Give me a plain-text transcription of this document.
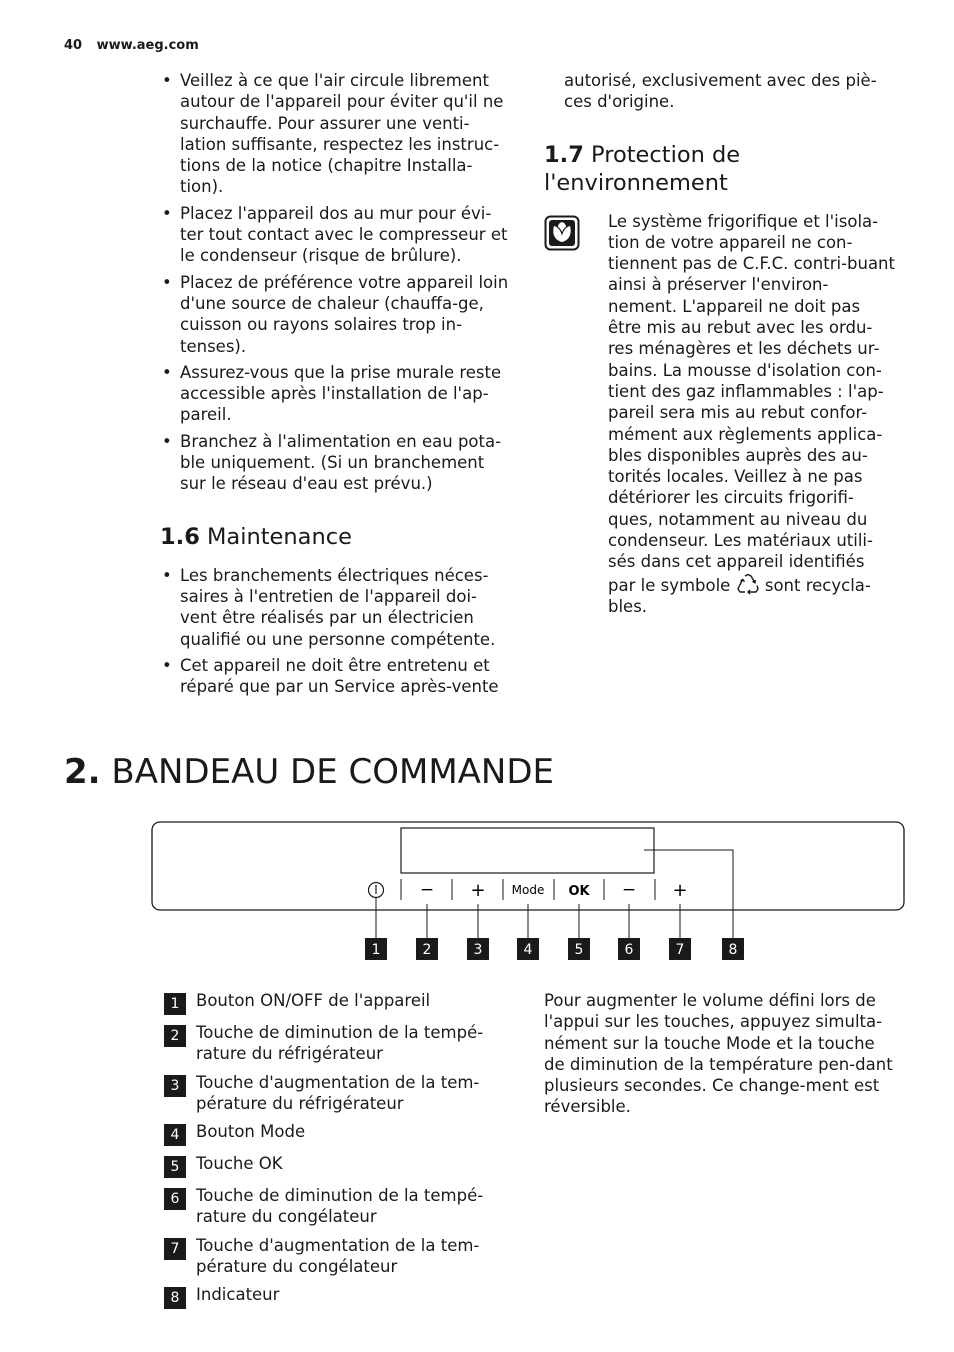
40 www.aeg.com
• Veillez à ce que l'air circule librement autour de l'appareil pour éviter qu'il ne surchauffe. Pour assurer une venti-lation suffisante, respectez les instruc-tions de la notice (chapitre Installa-tion).
• Placez l'appareil dos au mur pour évi-ter tout contact avec le compresseur et le condenseur (risque de brûlure).
• Placez de préférence votre appareil loin d'une source de chaleur (chauffa-ge, cuisson ou rayons solaires trop in-tenses).
• Assurez-vous que la prise murale reste accessible après l'installation de l'ap-pareil.
• Branchez à l'alimentation en eau pota-ble uniquement. (Si un branchement sur le réseau d'eau est prévu.)
1.6 Maintenance
• Les branchements électriques néces-saires à l'entretien de l'appareil doi-vent être réalisés par un électricien qualifié ou une personne compétente.
• Cet appareil ne doit être entretenu et réparé que par un Service après-vente

autorisé, exclusivement avec des piè-ces d'origine.

1.7 Protection de l'environnement

Le système frigorifique et l'isola-tion de votre appareil ne con-tiennent pas de C.F.C. contri-buant ainsi à préserver l'environ-nement. L'appareil ne doit pas être mis au rebut avec les ordu-res ménagères et les déchets ur-bains. La mousse d'isolation con-tient des gaz inflammables : l'ap-pareil sera mis au rebut confor-mément aux règlements applica-bles disponibles auprès des au-torités locales. Veillez à ne pas détériorer les circuits frigorifi-ques, notamment au niveau du condenseur. Les matériaux utili-sés dans cet appareil identifiés par le symbole sont recycla-bles.

2. BANDEAU DE COMMANDE
− + Mode OK − +
1	2	3	4	5	6	7	8
1	Bouton ON/OFF de l'appareil
2	Touche de diminution de la tempé-rature du réfrigérateur
3	Touche d'augmentation de la tem-pérature du réfrigérateur
4	Bouton Mode
5	Touche OK
6	Touche de diminution de la tempé-rature du congélateur
7	Touche d'augmentation de la tem-pérature du congélateur
8	Indicateur

Pour augmenter le volume défini lors de l'appui sur les touches, appuyez simulta-nément sur la touche Mode et la touche de diminution de la température pen-dant plusieurs secondes. Ce change-ment est réversible.
